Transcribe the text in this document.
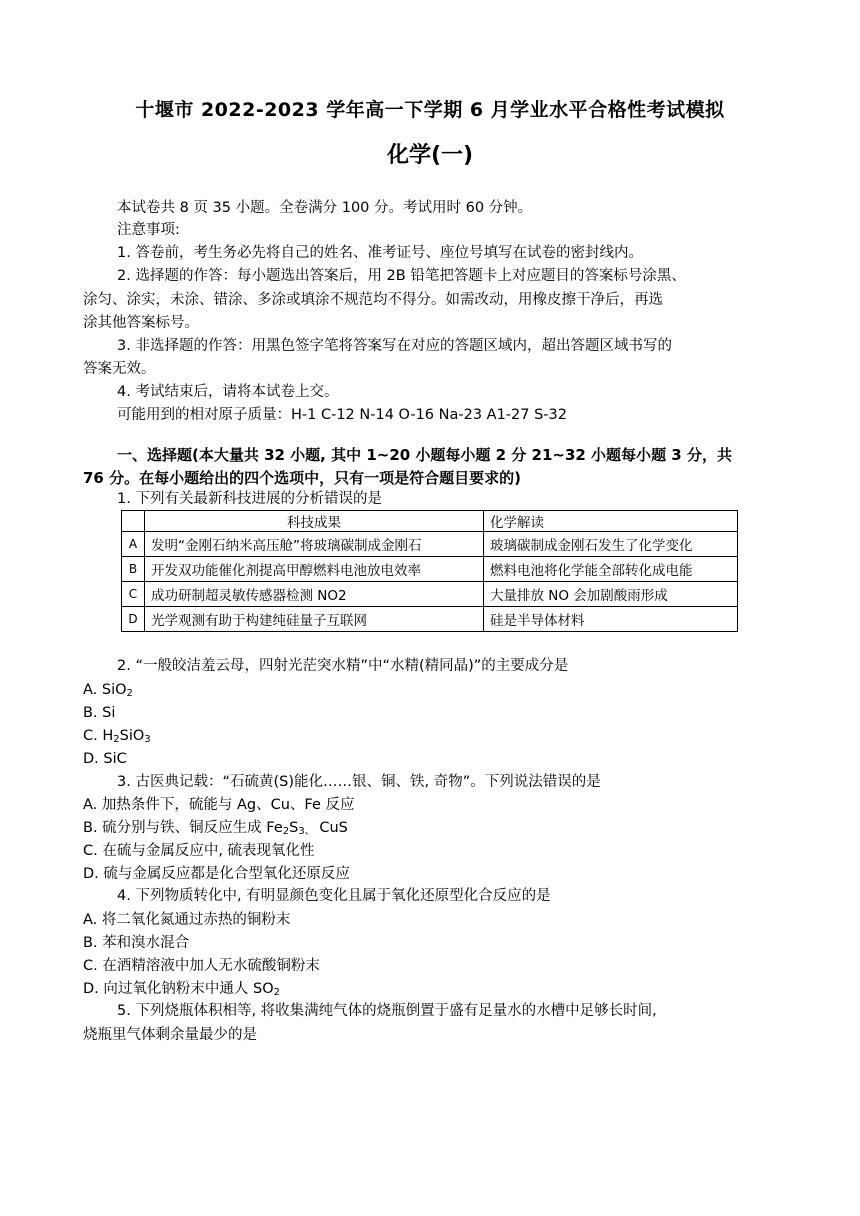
十堰市 2022-2023 学年高一下学期 6 月学业水平合格性考试模拟
化学(一)
本试卷共 8 页 35 小题。全卷满分 100 分。考试用时 60 分钟。
注意事项:
1. 答卷前，考生务必先将自己的姓名、准考证号、座位号填写在试卷的密封线内。
2. 选择题的作答：每小题选出答案后，用 2B 铅笔把答题卡上对应题目的答案标号涂黑、
涂匀、涂实，未涂、错涂、多涂或填涂不规范均不得分。如需改动，用橡皮擦干净后，再选
涂其他答案标号。
3. 非选择题的作答：用黑色签字笔将答案写在对应的答题区域内，超出答题区域书写的
答案无效。
4. 考试结束后，请将本试卷上交。
可能用到的相对原子质量：H-1 C-12 N-14 O-16 Na-23 A1-27 S-32
一、选择题(本大量共 32 小题, 其中 1~20 小题每小题 2 分 21~32 小题每小题 3 分，共
76 分。在每小题给出的四个选项中，只有一项是符合题目要求的)
1. 下列有关最新科技进展的分析错误的是
	科技成果	化学解读
A	发明“金刚石纳米高压舱”将玻璃碳制成金刚石	玻璃碳制成金刚石发生了化学变化
B	开发双功能催化剂提高甲醇燃料电池放电效率	燃料电池将化学能全部转化成电能
C	成功研制超灵敏传感器检测 NO2	大量排放 NO 会加剧酸雨形成
D	光学观测有助于构建纯硅量子互联网	硅是半导体材料
2. “一般皎洁羞云母，四射光茫突水精”中“水精(精同晶)”的主要成分是
A. SiO$_2$
B. Si
C. $H_2SiO_3$
D. SiC
3. 古医典记载：“石硫黄(S)能化……银、铜、铁, 奇物”。下列说法错误的是
A. 加热条件下，硫能与 Ag、Cu、Fe 反应
B. 硫分别与铁、铜反应生成 $Fe_2S_{3、}$ CuS
C. 在硫与金属反应中, 硫表现氧化性
D. 硫与金属反应都是化合型氧化还原反应
4. 下列物质转化中, 有明显颜色变化且属于氧化还原型化合反应的是
A. 将二氧化氮通过赤热的铜粉末
B. 苯和溴水混合
C. 在酒精溶液中加人无水硫酸铜粉末
D. 向过氧化钠粉末中通人 $SO_2$
5. 下列烧瓶体积相等, 将收集满纯气体的烧瓶倒置于盛有足量水的水槽中足够长时间,
烧瓶里气体剩余量最少的是
